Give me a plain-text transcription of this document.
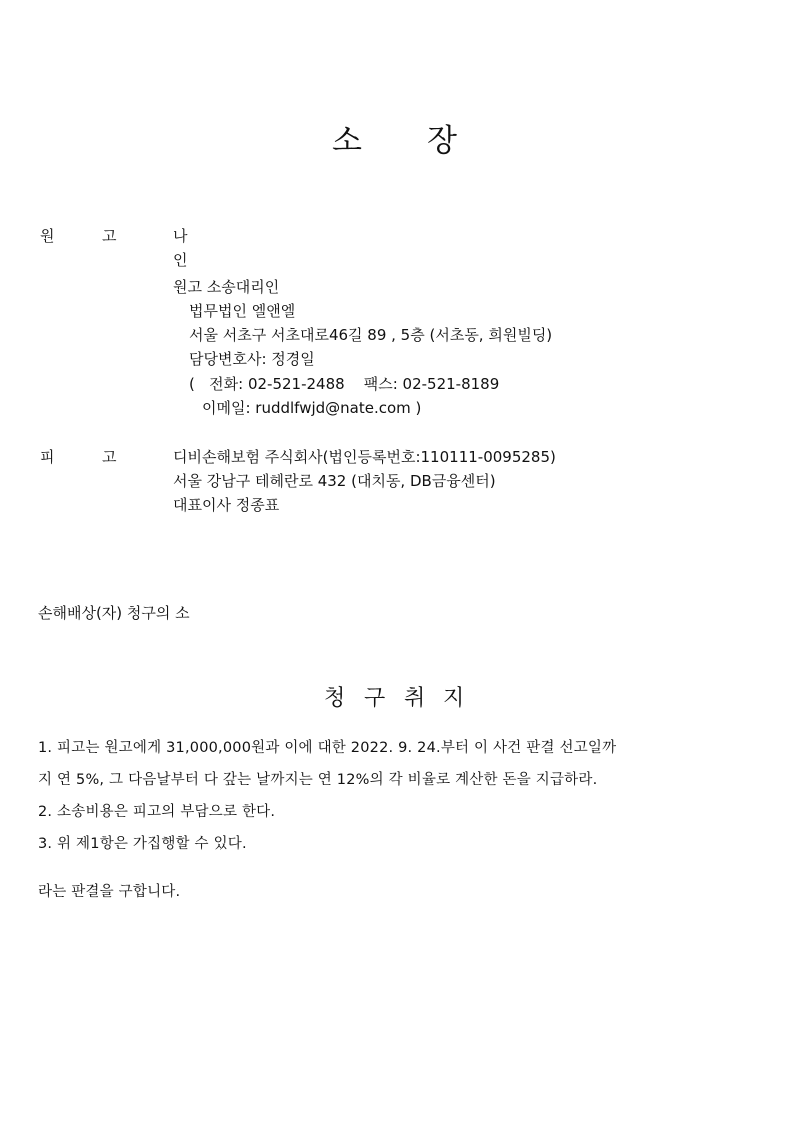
소 장
원	고	나
인
원고 소송대리인
법무법인 엘앤엘
서울 서초구 서초대로46길 89 , 5층 (서초동, 희원빌딩)
담당변호사: 정경일
(   전화: 02-521-2488    팩스: 02-521-8189
이메일: ruddlfwjd@nate.com )
피	고	디비손해보험 주식회사(법인등록번호:110111-0095285)
서울 강남구 테헤란로 432 (대치동, DB금융센터)
대표이사 정종표
손해배상(자) 청구의 소
청 구 취 지
1. 피고는 원고에게 31,000,000원과 이에 대한 2022. 9. 24.부터 이 사건 판결 선고일까
지 연 5%, 그 다음날부터 다 갚는 날까지는 연 12%의 각 비율로 계산한 돈을 지급하라.
2. 소송비용은 피고의 부담으로 한다.
3. 위 제1항은 가집행할 수 있다.
라는 판결을 구합니다.
